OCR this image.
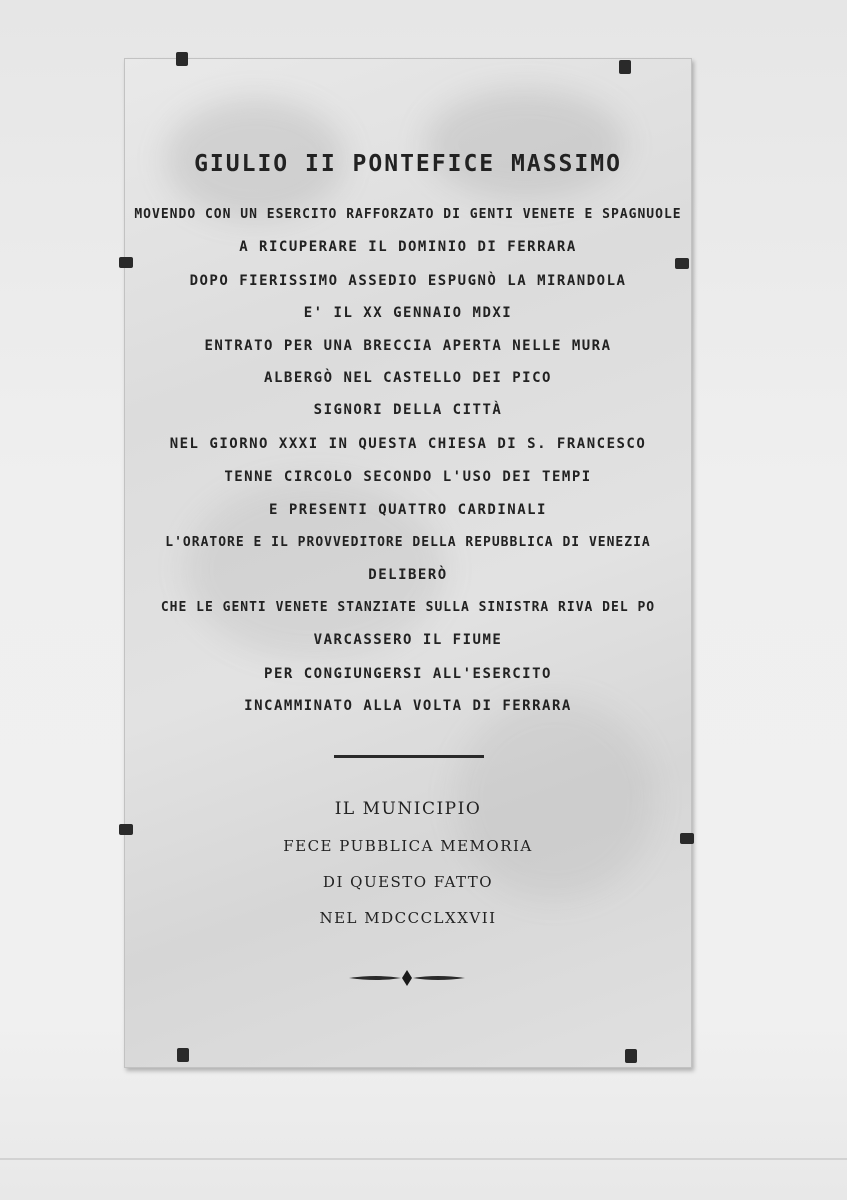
GIULIO II PONTEFICE MASSIMO
MOVENDO CON UN ESERCITO RAFFORZATO DI GENTI VENETE E SPAGNUOLE
A RICUPERARE IL DOMINIO DI FERRARA
DOPO FIERISSIMO ASSEDIO ESPUGNÒ LA MIRANDOLA
E' IL XX GENNAIO MDXI
ENTRATO PER UNA BRECCIA APERTA NELLE MURA
ALBERGÒ NEL CASTELLO DEI PICO
SIGNORI DELLA CITTÀ
NEL GIORNO XXXI IN QUESTA CHIESA DI S. FRANCESCO
TENNE CIRCOLO SECONDO L'USO DEI TEMPI
E PRESENTI QUATTRO CARDINALI
L'ORATORE E IL PROVVEDITORE DELLA REPUBBLICA DI VENEZIA
DELIBERÒ
CHE LE GENTI VENETE STANZIATE SULLA SINISTRA RIVA DEL PO
VARCASSERO IL FIUME
PER CONGIUNGERSI ALL'ESERCITO
INCAMMINATO ALLA VOLTA DI FERRARA
IL MUNICIPIO
FECE PUBBLICA MEMORIA
DI QUESTO FATTO
NEL MDCCCLXXVII
